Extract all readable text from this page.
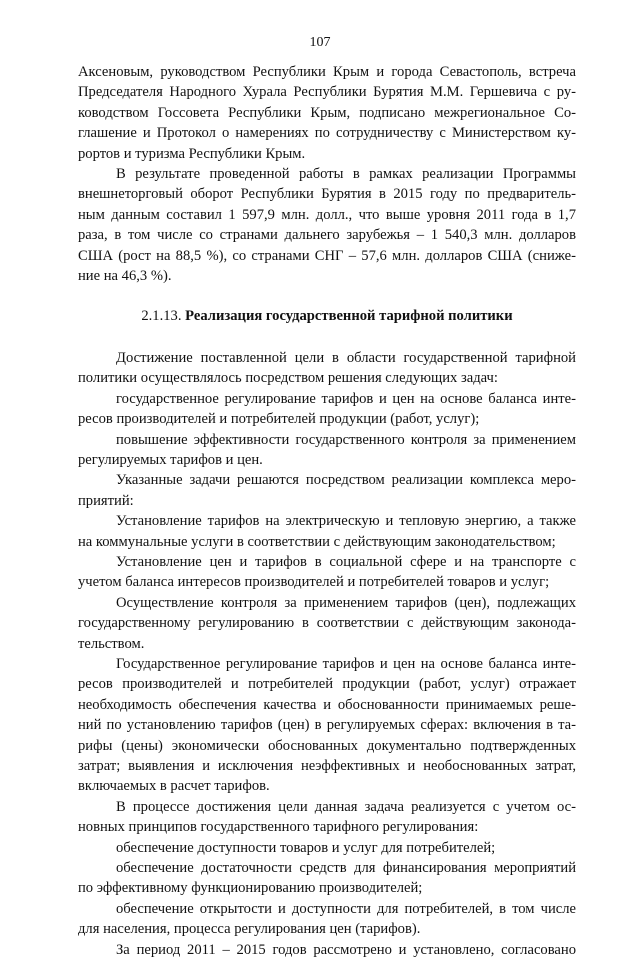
107

Аксеновым, руководством Республики Крым и города Севастополь, встреча

Председателя Народного Хурала Республики Бурятия М.М. Гершевича с ру-

ководством Госсовета Республики Крым, подписано межрегиональное Со-

глашение и Протокол о намерениях по сотрудничеству с Министерством ку-

рортов и туризма Республики Крым.

В результате проведенной работы в рамках реализации Программы

внешнеторговый оборот Республики Бурятия в 2015 году по предваритель-

ным данным составил 1 597,9 млн. долл., что выше уровня 2011 года в 1,7

раза, в том числе со странами дальнего зарубежья – 1 540,3 млн. долларов

США (рост на 88,5 %), со странами СНГ – 57,6 млн. долларов США (сниже-

ние на 46,3 %).

2.1.13. Реализация государственной тарифной политики

Достижение поставленной цели в области государственной тарифной

политики осуществлялось посредством решения следующих задач:

государственное регулирование тарифов и цен на основе баланса инте-

ресов производителей и потребителей продукции (работ, услуг);

повышение эффективности государственного контроля за применением

регулируемых тарифов и цен.

Указанные задачи решаются посредством реализации комплекса меро-

приятий:

Установление тарифов на электрическую и тепловую энергию, а также

на коммунальные услуги в соответствии с действующим законодательством;

Установление цен и тарифов в социальной сфере и на транспорте с

учетом баланса интересов производителей и потребителей товаров и услуг;

Осуществление контроля за применением тарифов (цен), подлежащих

государственному регулированию в соответствии с действующим законода-

тельством.

Государственное регулирование тарифов и цен на основе баланса инте-

ресов производителей и потребителей продукции (работ, услуг) отражает

необходимость обеспечения качества и обоснованности принимаемых реше-

ний по установлению тарифов (цен) в регулируемых сферах: включения в та-

рифы (цены) экономически обоснованных документально подтвержденных

затрат; выявления и исключения неэффективных и необоснованных затрат,

включаемых в расчет тарифов.

В процессе достижения цели данная задача реализуется с учетом ос-

новных принципов государственного тарифного регулирования:

обеспечение доступности товаров и услуг для потребителей;

обеспечение достаточности средств для финансирования мероприятий

по эффективному функционированию производителей;

обеспечение открытости и доступности для потребителей, в том числе

для населения, процесса регулирования цен (тарифов).

За период 2011 – 2015 годов рассмотрено и установлено, согласовано
